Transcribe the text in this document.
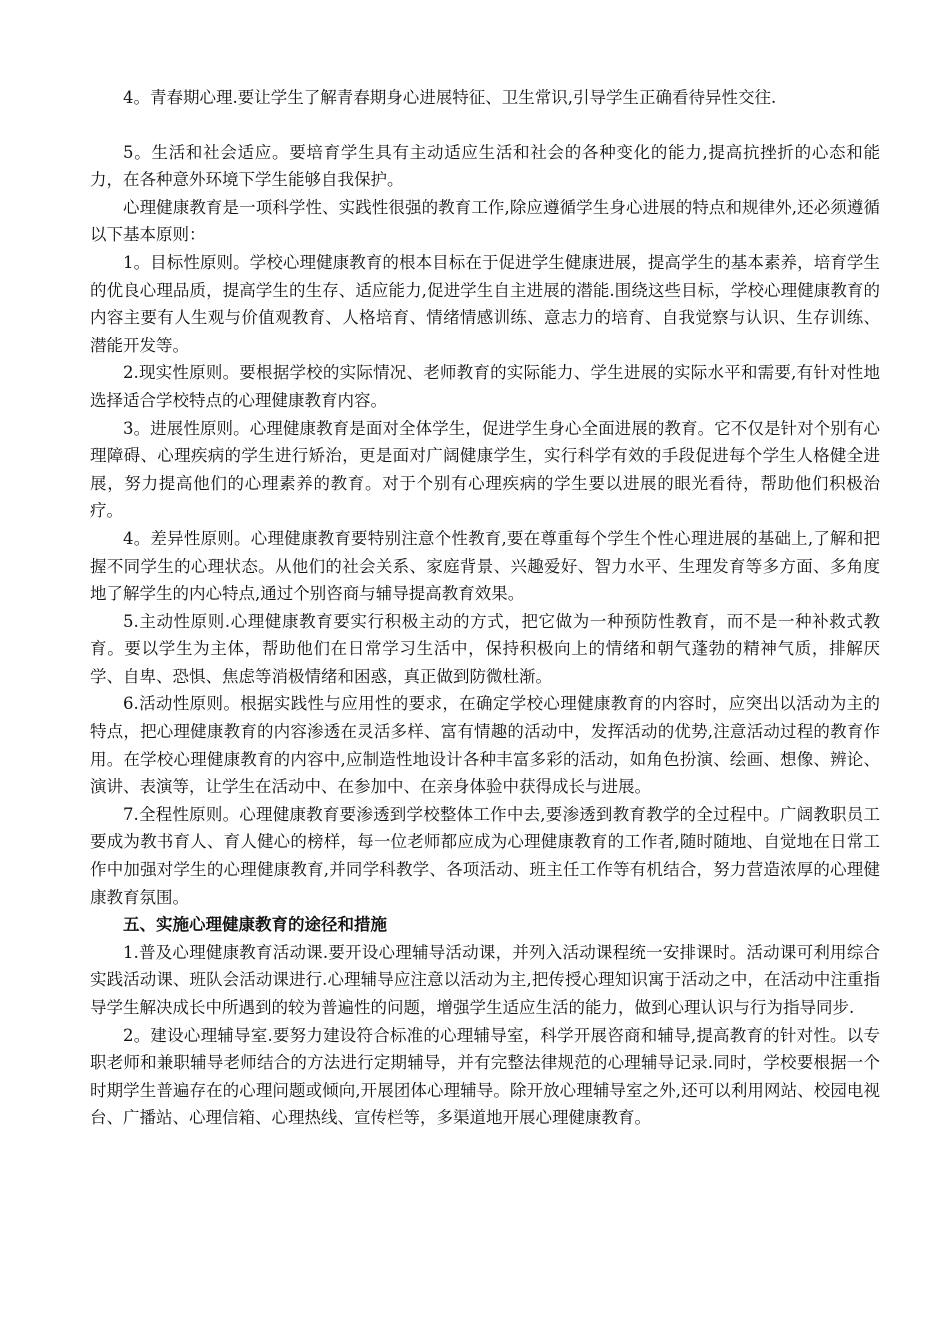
4。青春期心理.要让学生了解青春期身心进展特征、卫生常识,引导学生正确看待异性交往.

5。生活和社会适应。要培育学生具有主动适应生活和社会的各种变化的能力,提高抗挫折的心态和能力，在各种意外环境下学生能够自我保护。

心理健康教育是一项科学性、实践性很强的教育工作,除应遵循学生身心进展的特点和规律外,还必须遵循以下基本原则：

1。目标性原则。学校心理健康教育的根本目标在于促进学生健康进展，提高学生的基本素养，培育学生的优良心理品质，提高学生的生存、适应能力,促进学生自主进展的潜能.围绕这些目标，学校心理健康教育的内容主要有人生观与价值观教育、人格培育、情绪情感训练、意志力的培育、自我觉察与认识、生存训练、潜能开发等。

2.现实性原则。要根据学校的实际情况、老师教育的实际能力、学生进展的实际水平和需要,有针对性地选择适合学校特点的心理健康教育内容。

3。进展性原则。心理健康教育是面对全体学生，促进学生身心全面进展的教育。它不仅是针对个别有心理障碍、心理疾病的学生进行矫治，更是面对广阔健康学生，实行科学有效的手段促进每个学生人格健全进展，努力提高他们的心理素养的教育。对于个别有心理疾病的学生要以进展的眼光看待，帮助他们积极治疗。

4。差异性原则。心理健康教育要特别注意个性教育,要在尊重每个学生个性心理进展的基础上,了解和把握不同学生的心理状态。从他们的社会关系、家庭背景、兴趣爱好、智力水平、生理发育等多方面、多角度地了解学生的内心特点,通过个别咨商与辅导提高教育效果。

5.主动性原则.心理健康教育要实行积极主动的方式，把它做为一种预防性教育，而不是一种补救式教育。要以学生为主体，帮助他们在日常学习生活中，保持积极向上的情绪和朝气蓬勃的精神气质，排解厌学、自卑、恐惧、焦虑等消极情绪和困惑，真正做到防微杜渐。

6.活动性原则。根据实践性与应用性的要求，在确定学校心理健康教育的内容时，应突出以活动为主的特点，把心理健康教育的内容渗透在灵活多样、富有情趣的活动中，发挥活动的优势,注意活动过程的教育作用。在学校心理健康教育的内容中,应制造性地设计各种丰富多彩的活动，如角色扮演、绘画、想像、辨论、演讲、表演等，让学生在活动中、在参加中、在亲身体验中获得成长与进展。

7.全程性原则。心理健康教育要渗透到学校整体工作中去,要渗透到教育教学的全过程中。广阔教职员工要成为教书育人、育人健心的榜样，每一位老师都应成为心理健康教育的工作者,随时随地、自觉地在日常工作中加强对学生的心理健康教育,并同学科教学、各项活动、班主任工作等有机结合，努力营造浓厚的心理健康教育氛围。

五、实施心理健康教育的途径和措施

1.普及心理健康教育活动课.要开设心理辅导活动课，并列入活动课程统一安排课时。活动课可利用综合实践活动课、班队会活动课进行.心理辅导应注意以活动为主,把传授心理知识寓于活动之中，在活动中注重指导学生解决成长中所遇到的较为普遍性的问题，增强学生适应生活的能力，做到心理认识与行为指导同步.

2。建设心理辅导室.要努力建设符合标准的心理辅导室，科学开展咨商和辅导,提高教育的针对性。以专职老师和兼职辅导老师结合的方法进行定期辅导，并有完整法律规范的心理辅导记录.同时，学校要根据一个时期学生普遍存在的心理问题或倾向,开展团体心理辅导。除开放心理辅导室之外,还可以利用网站、校园电视台、广播站、心理信箱、心理热线、宣传栏等，多渠道地开展心理健康教育。
